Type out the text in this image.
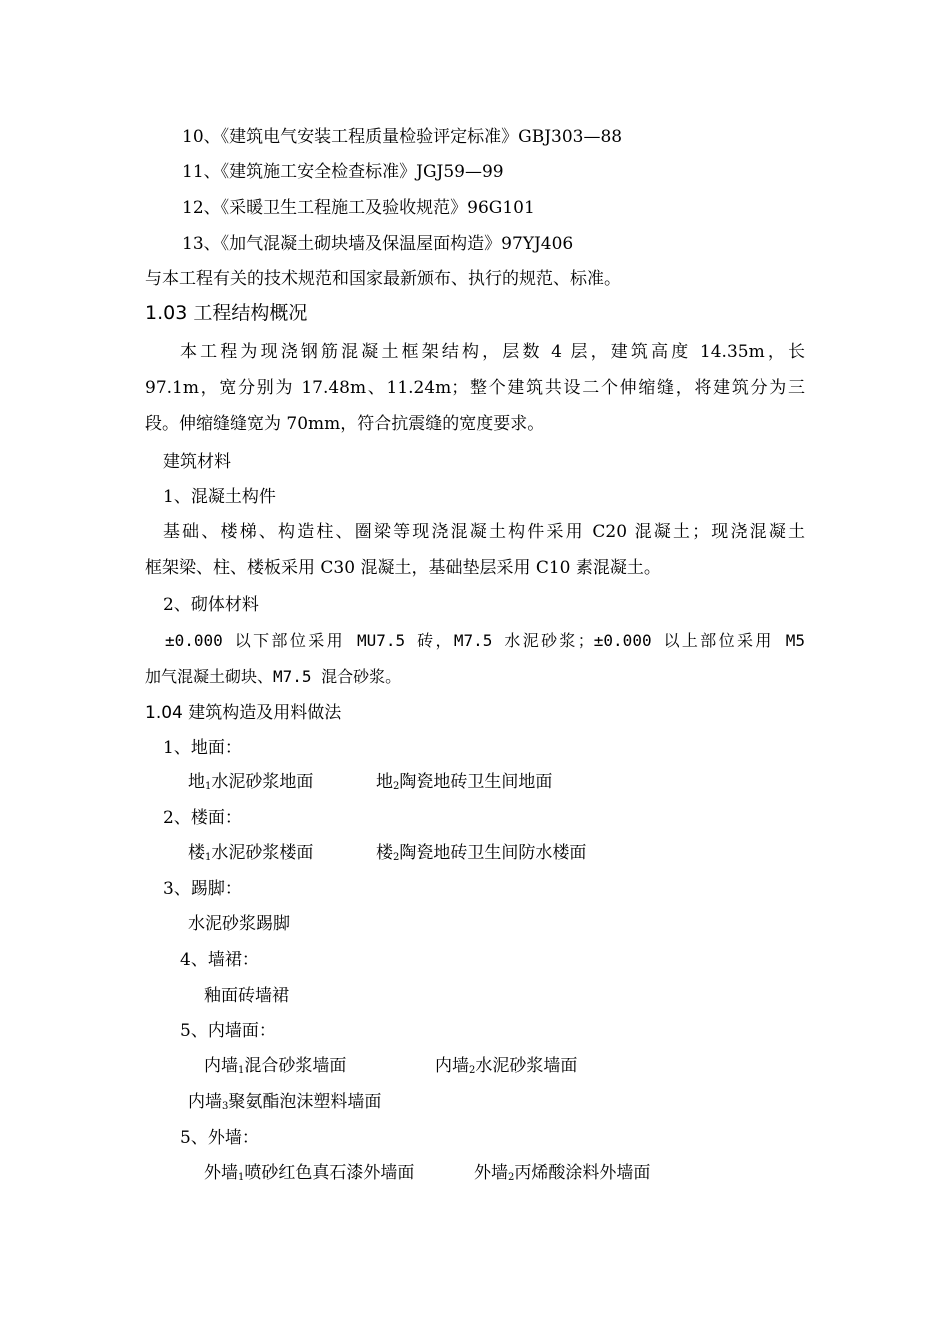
10、《建筑电气安装工程质量检验评定标准》GBJ303—88
11、《建筑施工安全检查标准》JGJ59—99
12、《采暖卫生工程施工及验收规范》96G101
13、《加气混凝土砌块墙及保温屋面构造》97YJ406
与本工程有关的技术规范和国家最新颁布、执行的规范、标准。
1.03 工程结构概况
本工程为现浇钢筋混凝土框架结构，层数 4 层，建筑高度 14.35m，长
97.1m，宽分别为 17.48m、11.24m；整个建筑共设二个伸缩缝，将建筑分为三
段。伸缩缝缝宽为 70mm，符合抗震缝的宽度要求。
建筑材料
1、混凝土构件
基础、楼梯、构造柱、圈梁等现浇混凝土构件采用 C20 混凝土；现浇混凝土
框架梁、柱、楼板采用 C30 混凝土，基础垫层采用 C10 素混凝土。
2、砌体材料
±0.000 以下部位采用 MU7.5 砖，M7.5 水泥砂浆；±0.000 以上部位采用 M5
加气混凝土砌块、M7.5 混合砂浆。
1.04 建筑构造及用料做法
1、地面：
地$_1$水泥砂浆地面	地$_2$陶瓷地砖卫生间地面
2、楼面：
楼$_1$水泥砂浆楼面	楼$_2$陶瓷地砖卫生间防水楼面
3、踢脚：
水泥砂浆踢脚
4、墙裙：
釉面砖墙裙
5、内墙面：
内墙$_1$混合砂浆墙面	内墙$_2$水泥砂浆墙面
内墙$_3$聚氨酯泡沫塑料墙面
5、外墙：
外墙$_1$喷砂红色真石漆外墙面	外墙$_2$丙烯酸涂料外墙面
